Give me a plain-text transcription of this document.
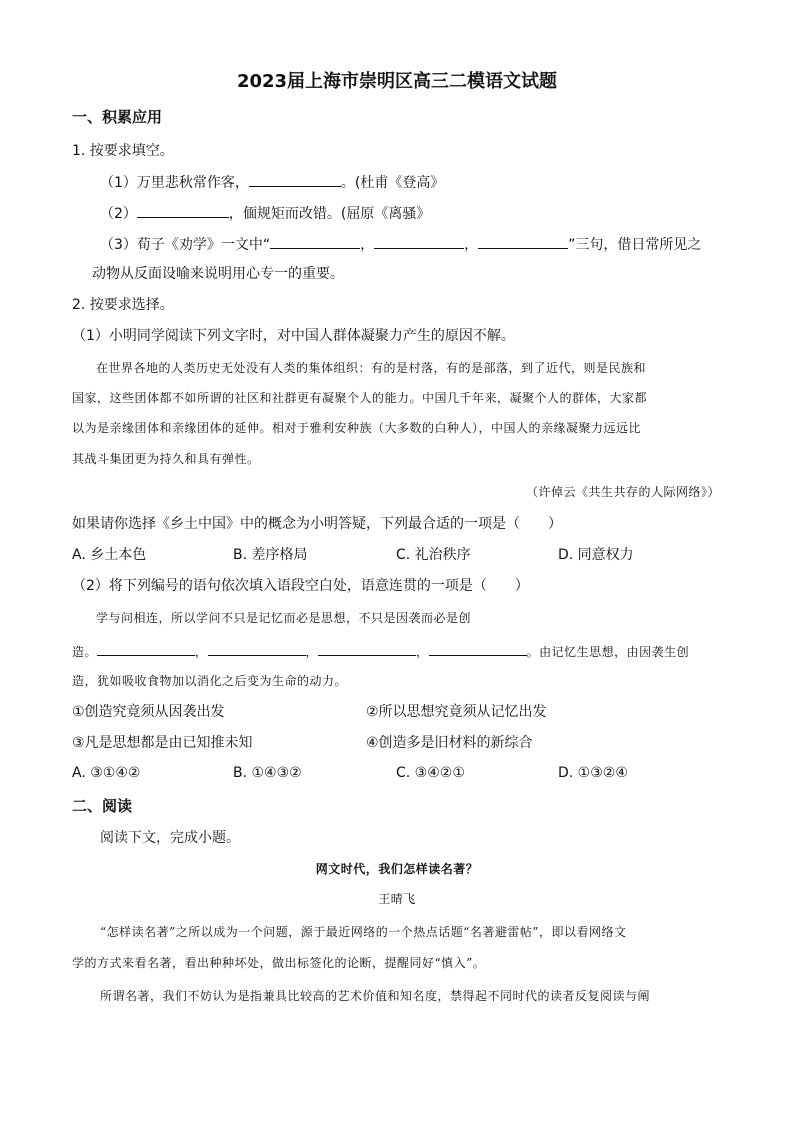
2023届上海市崇明区高三二模语文试题
一、积累应用
1. 按要求填空。
（1）万里悲秋常作客，	。(杜甫《登高》
（2）	，偭规矩而改错。(屈原《离骚》
（3）荀子《劝学》一文中“	，	，	”三句，借日常所见之
动物从反面设喻来说明用心专一的重要。
2. 按要求选择。
（1）小明同学阅读下列文字时，对中国人群体凝聚力产生的原因不解。
在世界各地的人类历史无处没有人类的集体组织：有的是村落，有的是部落，到了近代，则是民族和
国家，这些团体都不如所谓的社区和社群更有凝聚个人的能力。中国几千年来，凝聚个人的群体，大家都
以为是亲缘团体和亲缘团体的延伸。相对于雅利安种族（大多数的白种人），中国人的亲缘凝聚力远远比
其战斗集团更为持久和具有弹性。
（许倬云《共生共存的人际网络》）
如果请你选择《乡土中国》中的概念为小明答疑，下列最合适的一项是（　　）
A. 乡土本色	B. 差序格局	C. 礼治秩序	D. 同意权力
（2）将下列编号的语句依次填入语段空白处，语意连贯的一项是（　　）
学与问相连，所以学问不只是记忆而必是思想，不只是因袭而必是创
造。	，	，	，	。由记忆生思想，由因袭生创
造，犹如吸收食物加以消化之后变为生命的动力。
①创造究竟须从因袭出发	②所以思想究竟须从记忆出发
③凡是思想都是由已知推未知	④创造多是旧材料的新综合
A. ③①④②	B. ①④③②	C. ③④②①	D. ①③②④
二、阅读
阅读下文，完成小题。
网文时代，我们怎样读名著？
王晴飞
“怎样读名著”之所以成为一个问题，源于最近网络的一个热点话题“名著避雷帖”，即以看网络文
学的方式来看名著，看出种种坏处，做出标签化的论断，提醒同好“慎入”。
所谓名著，我们不妨认为是指兼具比较高的艺术价值和知名度，禁得起不同时代的读者反复阅读与阐
